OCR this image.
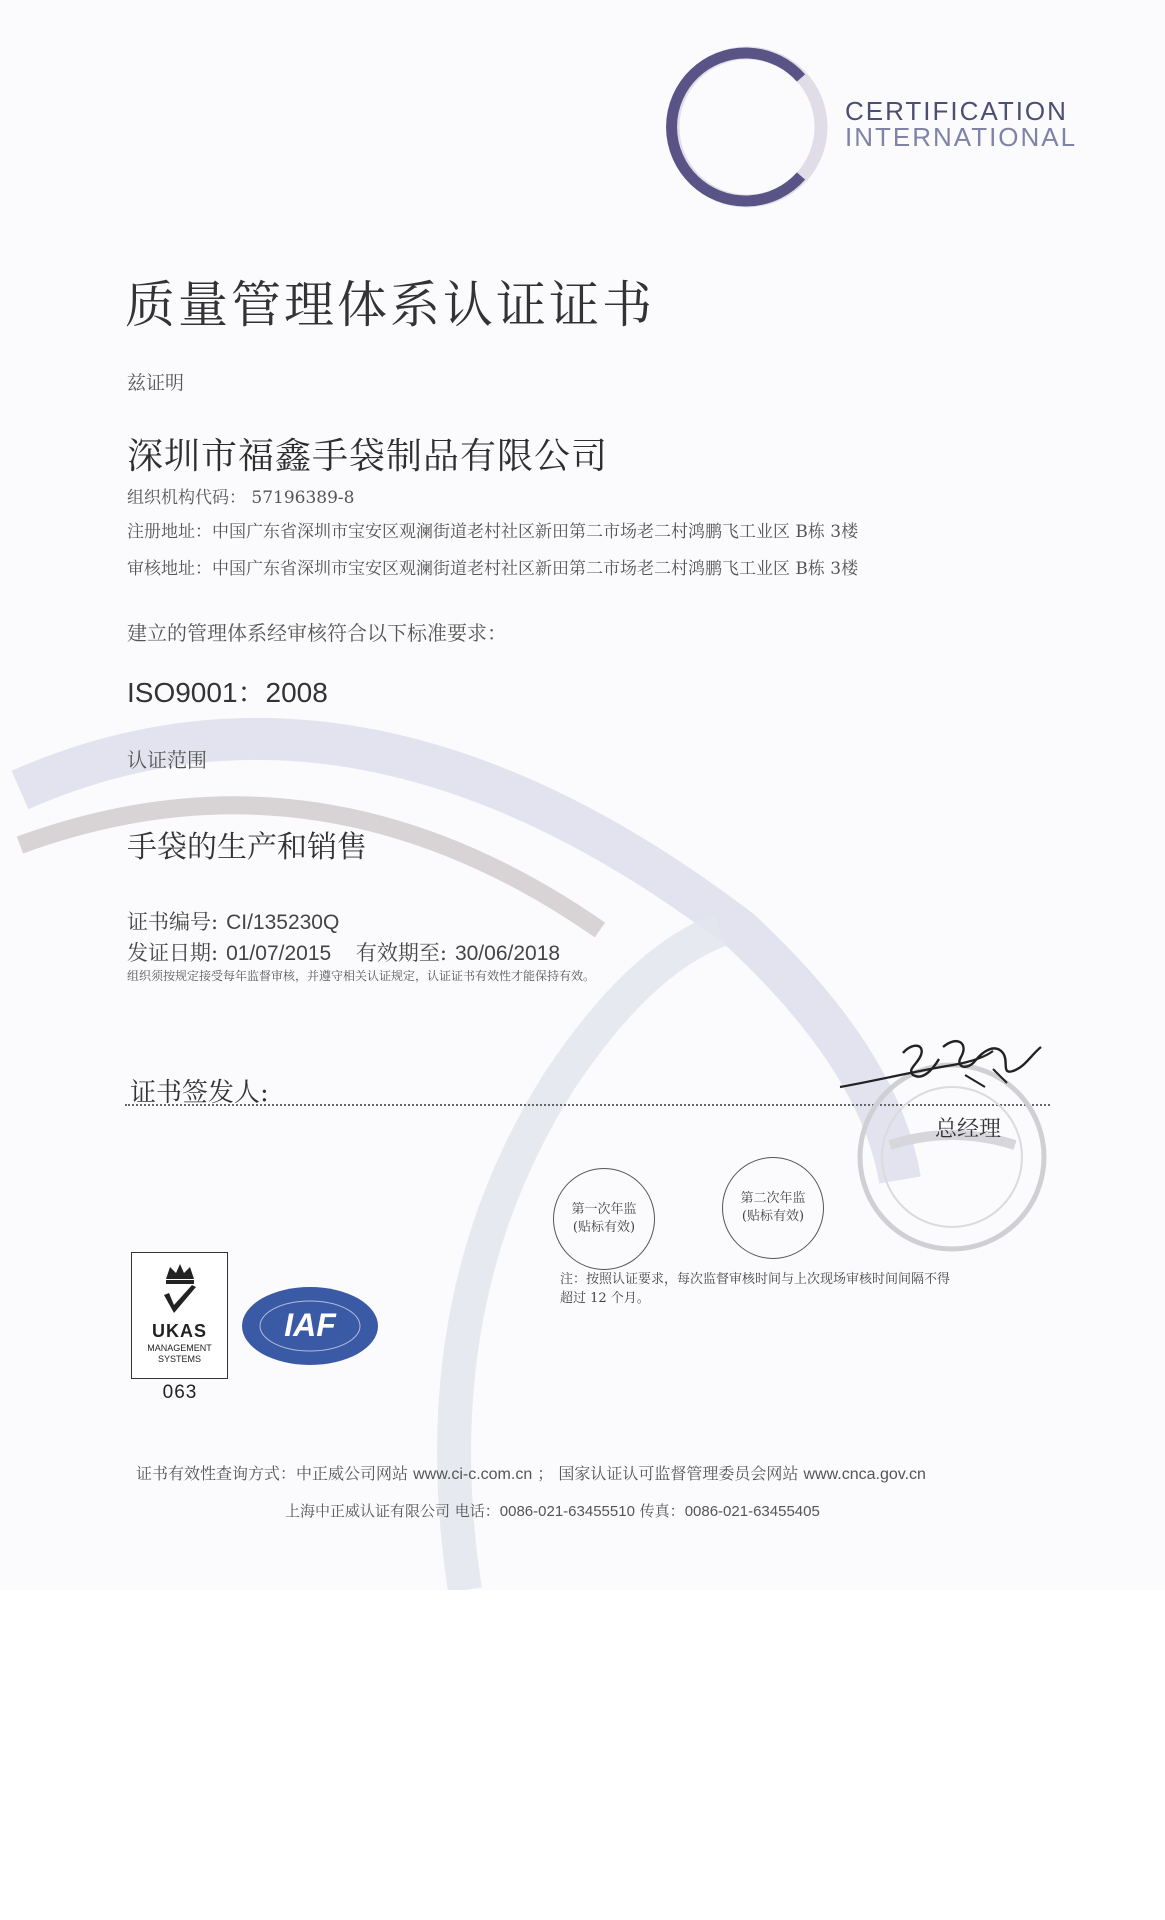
CERTIFICATION
INTERNATIONAL
质量管理体系认证证书
兹证明
深圳市福鑫手袋制品有限公司
组织机构代码： 57196389-8
注册地址：中国广东省深圳市宝安区观澜街道老村社区新田第二市场老二村鸿鹏飞工业区 B栋 3楼
审核地址：中国广东省深圳市宝安区观澜街道老村社区新田第二市场老二村鸿鹏飞工业区 B栋 3楼
建立的管理体系经审核符合以下标准要求：
ISO9001：2008
认证范围
手袋的生产和销售
证书编号: CI/135230Q
发证日期: 01/07/2015 有效期至: 30/06/2018
组织须按规定接受每年监督审核，并遵守相关认证规定，认证证书有效性才能保持有效。
证书签发人:
总经理
第一次年监
(贴标有效)
第二次年监
(贴标有效)
注：按照认证要求，每次监督审核时间与上次现场审核时间间隔不得
超过 12 个月。
UKAS
MANAGEMENT
SYSTEMS
063
IAF
证书有效性查询方式：中正威公司网站 www.ci-c.com.cn ； 国家认证认可监督管理委员会网站 www.cnca.gov.cn
上海中正威认证有限公司 电话：0086-021-63455510 传真：0086-021-63455405
